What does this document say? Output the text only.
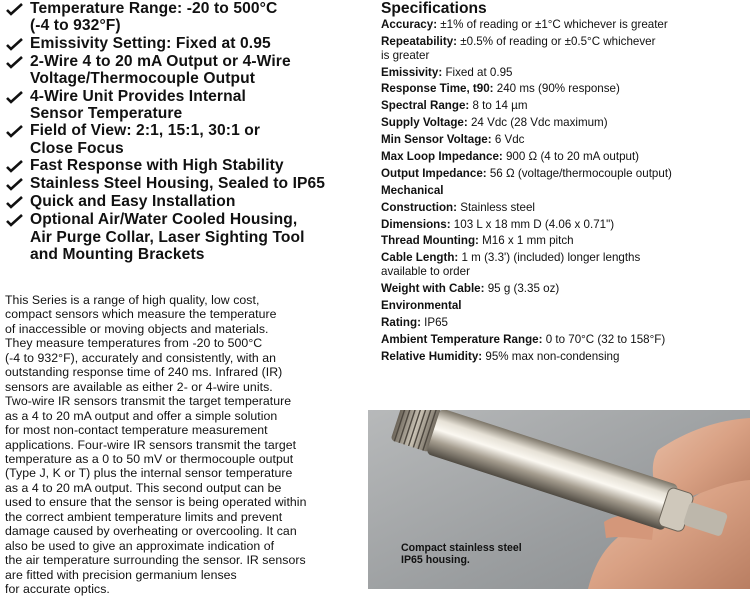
Temperature Range: -20 to 500°C
(-4 to 932°F)
Emissivity Setting: Fixed at 0.95
2-Wire 4 to 20 mA Output or 4-Wire
Voltage/Thermocouple Output
4-Wire Unit Provides Internal
Sensor Temperature
Field of View: 2:1, 15:1, 30:1 or
Close Focus
Fast Response with High Stability
Stainless Steel Housing, Sealed to IP65
Quick and Easy Installation
Optional Air/Water Cooled Housing,
Air Purge Collar, Laser Sighting Tool
and Mounting Brackets

This Series is a range of high quality, low cost,

compact sensors which measure the temperature

of inaccessible or moving objects and materials.

They measure temperatures from -20 to 500°C

(-4 to 932°F), accurately and consistently, with an

outstanding response time of 240 ms. Infrared (IR)

sensors are available as either 2- or 4-wire units.

Two-wire IR sensors transmit the target temperature

as a 4 to 20 mA output and offer a simple solution

for most non-contact temperature measurement

applications. Four-wire IR sensors transmit the target

temperature as a 0 to 50 mV or thermocouple output

(Type J, K or T) plus the internal sensor temperature

as a 4 to 20 mA output. This second output can be

used to ensure that the sensor is being operated within

the correct ambient temperature limits and prevent

damage caused by overheating or overcooling. It can

also be used to give an approximate indication of

the air temperature surrounding the sensor. IR sensors

are fitted with precision germanium lenses

for accurate optics.

Specifications
Accuracy: ±1% of reading or ±1°C whichever is greater
Repeatability: ±0.5% of reading or ±0.5°C whichever
is greater
Emissivity: Fixed at 0.95
Response Time, t90: 240 ms (90% response)
Spectral Range: 8 to 14 µm
Supply Voltage: 24 Vdc (28 Vdc maximum)
Min Sensor Voltage: 6 Vdc
Max Loop Impedance: 900 Ω (4 to 20 mA output)
Output Impedance: 56 Ω (voltage/thermocouple output)
Mechanical
Construction: Stainless steel
Dimensions: 103 L x 18 mm D (4.06 x 0.71")
Thread Mounting: M16 x 1 mm pitch
Cable Length: 1 m (3.3') (included) longer lengths
available to order
Weight with Cable: 95 g (3.35 oz)
Environmental
Rating: IP65
Ambient Temperature Range: 0 to 70°C (32 to 158°F)
Relative Humidity: 95% max non-condensing
Compact stainless steel
IP65 housing.
